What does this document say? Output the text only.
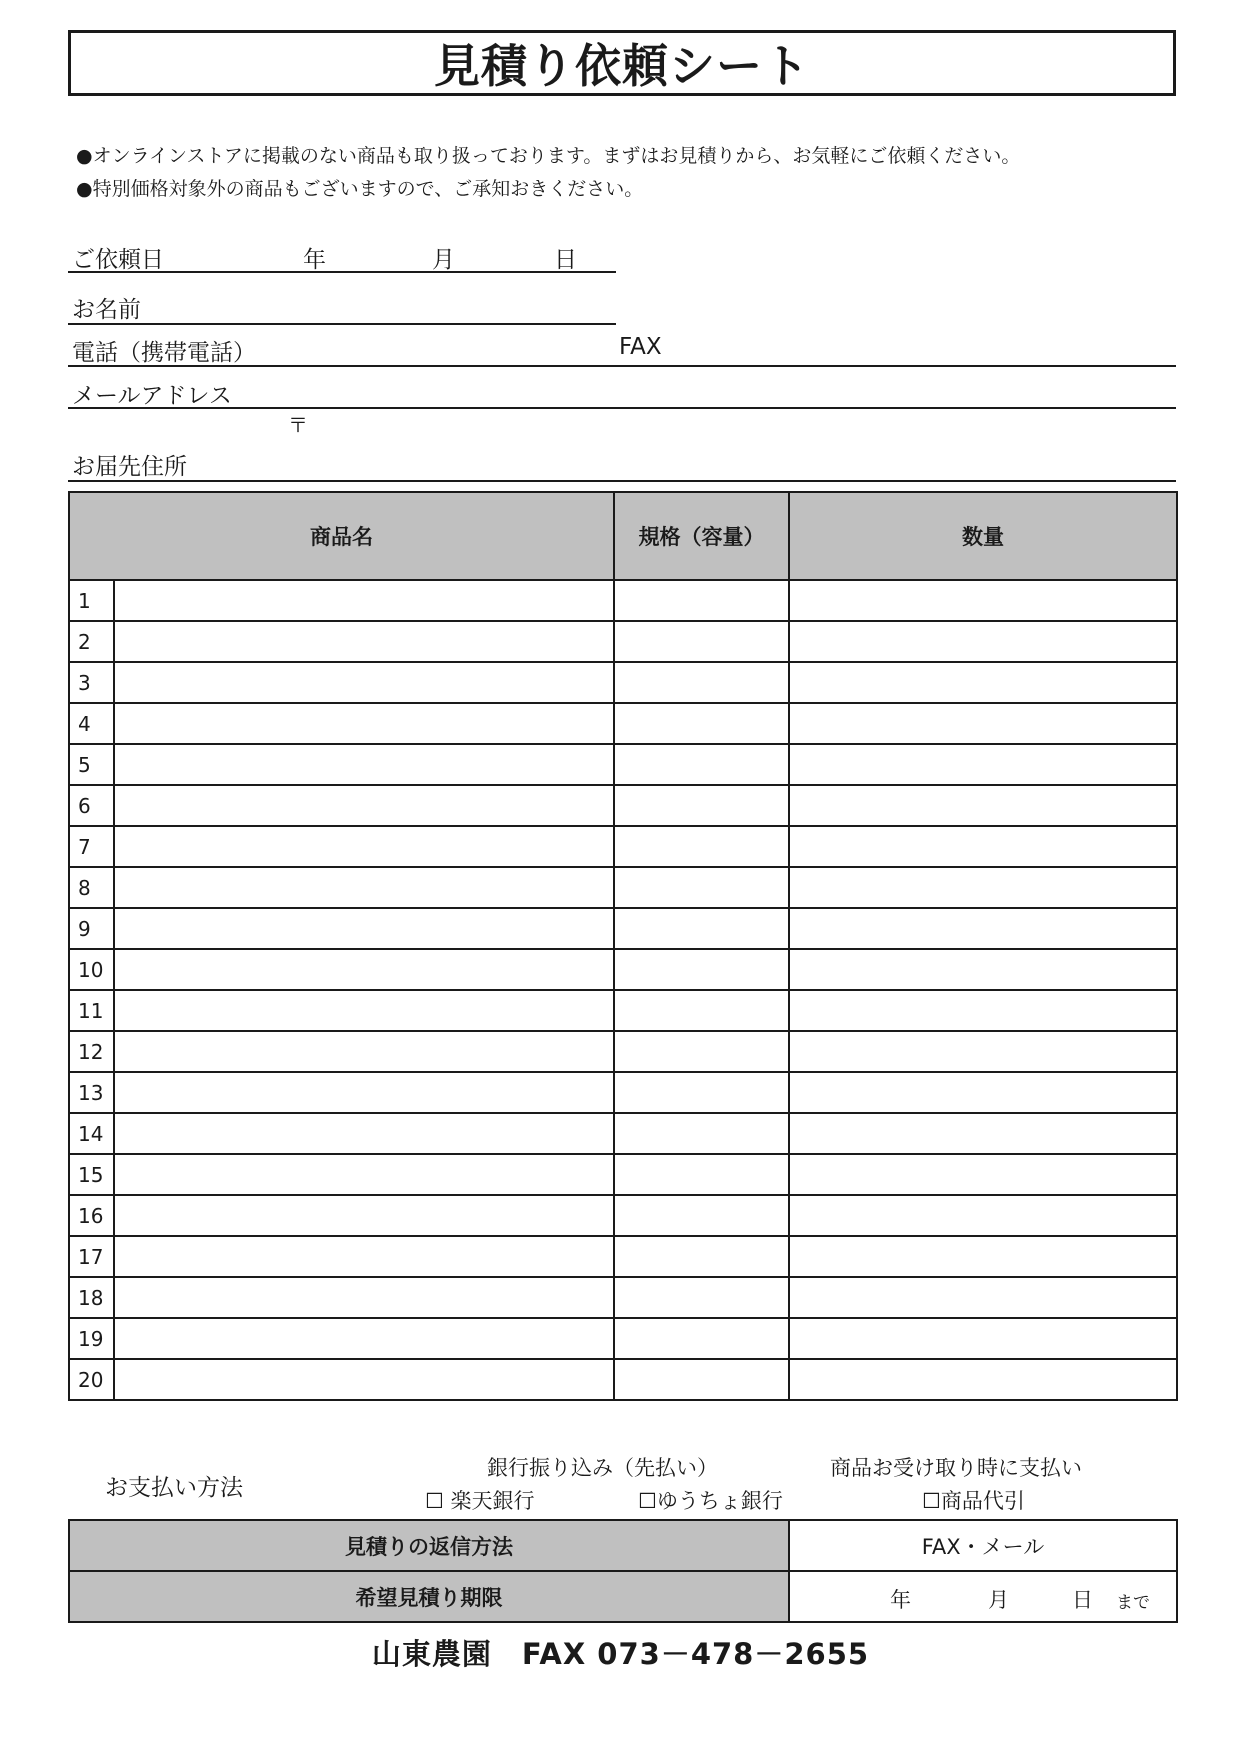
見積り依頼シート
●オンラインストアに掲載のない商品も取り扱っております。まずはお見積りから、お気軽にご依頼ください。
●特別価格対象外の商品もございますので、ご承知おきください。
ご依頼日	年	月	日
お名前
電話（携帯電話）	FAX
メールアドレス
〒
お届先住所
商品名		規格（容量）	数量
1			
2			
3			
4			
5			
6			
7			
8			
9			
10			
11			
12			
13			
14			
15			
16			
17			
18			
19			
20			
お支払い方法
銀行振り込み（先払い）
☐ 楽天銀行	☐ゆうちょ銀行
商品お受け取り時に支払い
☐商品代引
見積りの返信方法	FAX・メール
希望見積り期限	年 月 日 まで
山東農園　FAX 073－478－2655
